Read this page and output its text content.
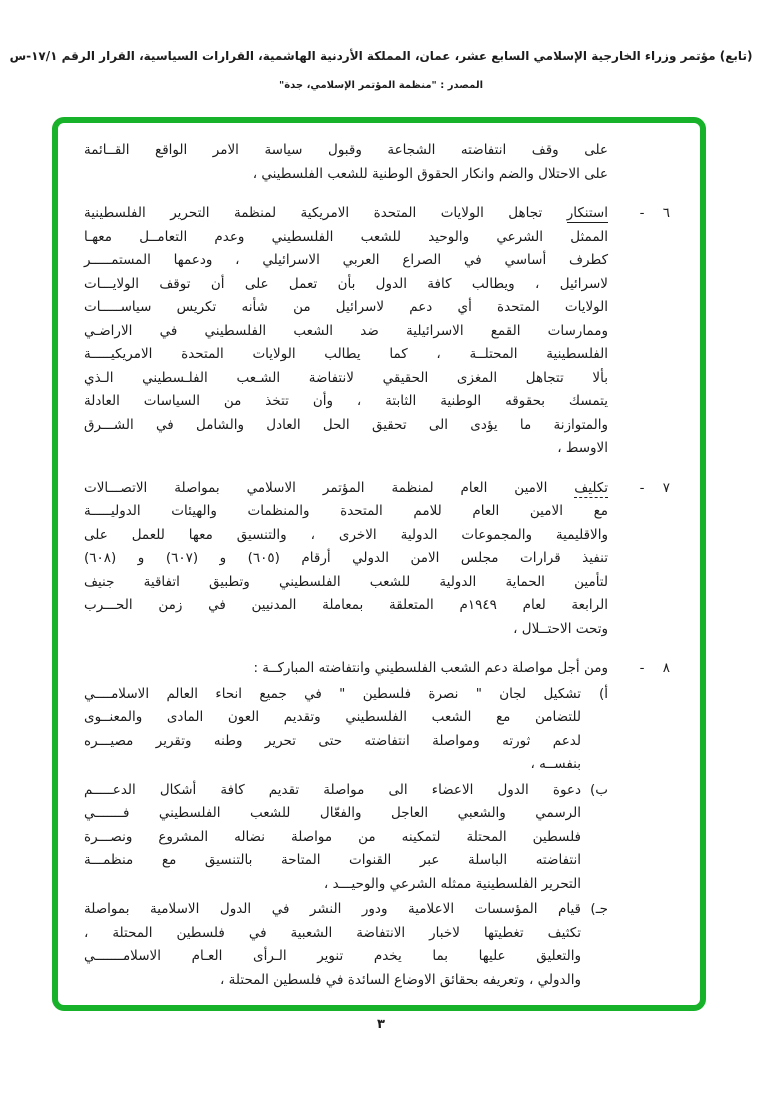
(تابع) مؤتمر وزراء الخارجية الإسلامي السابع عشر، عمان، المملكة الأردنية الهاشمية، القرارات السياسية، القرار الرقم ١٧/١-س
المصدر : "منظمة المؤتمر الإسلامي، جدة"
على وقف انتفاضته الشجاعة وقبول سياسة الامر الواقع القــائمة
على الاحتلال والضم وانكار الحقوق الوطنية للشعب الفلسطيني ،
٦ -
استنكار تجاهل الولايات المتحدة الامريكية لمنظمة التحرير الفلسطينية
الممثل الشرعي والوحيد للشعب الفلسطيني وعدم التعامــل معهـا
كطرف أساسي في الصراع العربي الاسرائيلي ، ودعمها المستمـــــر
لاسرائيل ، ويطالب كافة الدول بأن تعمل على أن توقف الولايـــات
الولايات المتحدة أي دعم لاسرائيل من شأنه تكريس سياســـــات
وممارسات القمع الاسرائيلية ضد الشعب الفلسطيني في الاراضـي
الفلسطينية المحتلــة ، كما يطالب الولايات المتحدة الامريكيـــــة
بألا تتجاهل المغزى الحقيقي لانتفاضة الشـعب الفلـسطيني الـذي
يتمسك بحقوقه الوطنية الثابتة ، وأن تتخذ من السياسات العادلة
والمتوازنة ما يؤدى الى تحقيق الحل العادل والشامل في الشـــرق
الاوسط ،
٧ -
تكليف الامين العام لمنظمة المؤتمر الاسلامي بمواصلة الاتصـــالات
مع الامين العام للامم المتحدة والمنظمات والهيئات الدوليـــــة
والاقليمية والمجموعات الدولية الاخرى ، والتنسيق معها للعمل على
تنفيذ قرارات مجلس الامن الدولي أرقام (٦٠٥) و (٦٠٧) و (٦٠٨)
لتأمين الحماية الدولية للشعب الفلسطيني وتطبيق اتفاقية جنيف
الرابعة لعام ١٩٤٩م المتعلقة بمعاملة المدنيين في زمن الحـــرب
وتحت الاحتــلال ،
٨ -
ومن أجل مواصلة دعم الشعب الفلسطيني وانتفاضته المباركــة :
أ)
تشكيل لجان " نصرة فلسطين " في جميع انحاء العالم الاسلامــــي
للتضامن مع الشعب الفلسطيني وتقديم العون المادى والمعنــوى
لدعم ثورته ومواصلة انتفاضته حتى تحرير وطنه وتقرير مصيـــره
بنفســه ،
ب)
دعوة الدول الاعضاء الى مواصلة تقديم كافة أشكال الدعـــــم
الرسمي والشعبي العاجل والفعّال للشعب الفلسطيني فـــــــي
فلسطين المحتلة لتمكينه من مواصلة نضاله المشروع ونصـــرة
انتفاضته الباسلة عبر القنوات المتاحة بالتنسيق مع منظمـــة
التحرير الفلسطينية ممثله الشرعي والوحيـــد ،
جـ)
قيام المؤسسات الاعلامية ودور النشر في الدول الاسلامية بمواصلة
تكثيف تغطيتها لاخبار الانتفاضة الشعبية في فلسطين المحتلة ،
والتعليق عليها بما يخدم تنوير الـرأى العـام الاسلامـــــــي
والدولي ، وتعريفه بحقائق الاوضاع السائدة في فلسطين المحتلة ،
٣
